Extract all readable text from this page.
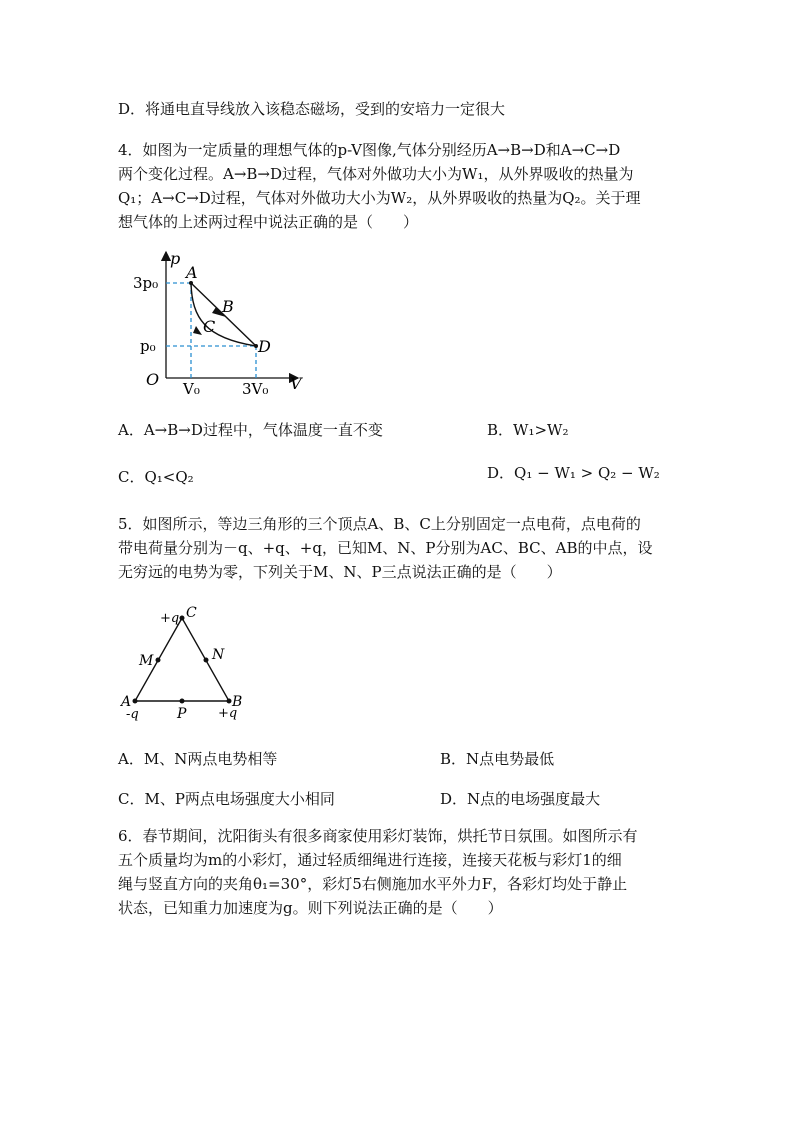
D．将通电直导线放入该稳态磁场，受到的安培力一定很大
4．如图为一定质量的理想气体的p-V图像,气体分别经历A→B→D和A→C→D
两个变化过程。A→B→D过程，气体对外做功大小为W₁，从外界吸收的热量为
Q₁；A→C→D过程，气体对外做功大小为W₂，从外界吸收的热量为Q₂。关于理
想气体的上述两过程中说法正确的是（　　）
p
V
O
3p₀
p₀
V₀	3V₀
A
B
C
D
C
+q
M	N
A
-q
B
+q
P
A．A→B→D过程中，气体温度一直不变	B．W₁>W₂
C．Q₁<Q₂	D．Q₁ − W₁ > Q₂ − W₂
5．如图所示，等边三角形的三个顶点A、B、C上分别固定一点电荷，点电荷的
带电荷量分别为－q、+q、+q，已知M、N、P分别为AC、BC、AB的中点，设
无穷远的电势为零，下列关于M、N、P三点说法正确的是（　　）
A．M、N两点电势相等	B．N点电势最低
C．M、P两点电场强度大小相同	D．N点的电场强度最大
6．春节期间，沈阳街头有很多商家使用彩灯装饰，烘托节日氛围。如图所示有
五个质量均为m的小彩灯，通过轻质细绳进行连接，连接天花板与彩灯1的细
绳与竖直方向的夹角θ₁=30°，彩灯5右侧施加水平外力F，各彩灯均处于静止
状态，已知重力加速度为g。则下列说法正确的是（　　）
